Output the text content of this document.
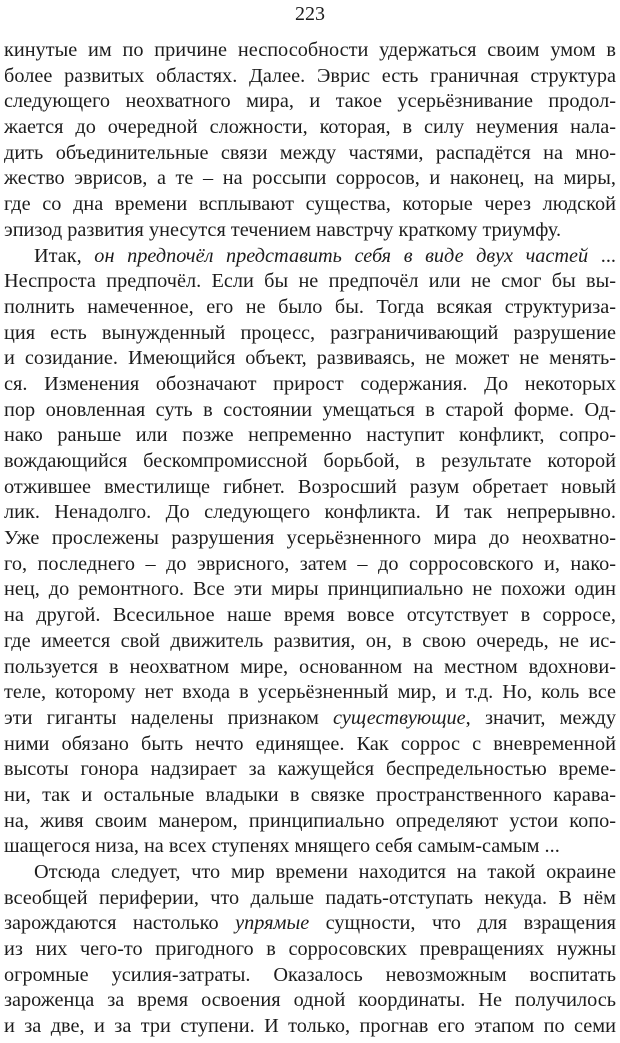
223
кинутые им по причине неспособности удержаться своим умом в
более развитых областях. Далее. Эврис есть граничная структура
следующего неохватного мира, и такое усерьёзнивание продол-
жается до очередной сложности, которая, в силу неумения нала-
дить объединительные связи между частями, распадётся на мно-
жество эврисов, а те – на россыпи сорросов, и наконец, на миры,
где со дна времени всплывают существа, которые через людской
эпизод развития унесутся течением навстрчу краткому триумфу.
Итак, он предпочёл представить себя в виде двух частей ...
Неспроста предпочёл. Если бы не предпочёл или не смог бы вы-
полнить намеченное, его не было бы. Тогда всякая структуриза-
ция есть вынужденный процесс, разграничивающий разрушение
и созидание. Имеющийся объект, развиваясь, не может не менять-
ся. Изменения обозначают прирост содержания. До некоторых
пор оновленная суть в состоянии умещаться в старой форме. Од-
нако раньше или позже непременно наступит конфликт, сопро-
вождающийся бескомпромиссной борьбой, в результате которой
отжившее вместилище гибнет. Возросший разум обретает новый
лик. Ненадолго. До следующего конфликта. И так непрерывно.
Уже прослежены разрушения усерьёзненного мира до неохватно-
го, последнего – до эврисного, затем – до сорросовского и, нако-
нец, до ремонтного. Все эти миры принципиально не похожи один
на другой. Всесильное наше время вовсе отсутствует в сорросе,
где имеется свой движитель развития, он, в свою очередь, не ис-
пользуется в неохватном мире, основанном на местном вдохнови-
теле, которому нет входа в усерьёзненный мир, и т.д. Но, коль все
эти гиганты наделены признаком существующие, значит, между
ними обязано быть нечто единящее. Как соррос с вневременной
высоты гонора надзирает за кажущейся беспредельностью време-
ни, так и остальные владыки в связке пространственного карава-
на, живя своим манером, принципиально определяют устои копо-
шащегося низа, на всех ступенях мнящего себя самым-самым ...
Отсюда следует, что мир времени находится на такой окраине
всеобщей периферии, что дальше падать-отступать некуда. В нём
зарождаются настолько упрямые сущности, что для взращения
из них чего-то пригодного в сорросовских превращениях нужны
огромные усилия-затраты. Оказалось невозможным воспитать
зароженца за время освоения одной координаты. Не получилось
и за две, и за три ступени. И только, прогнав его этапом по семи
